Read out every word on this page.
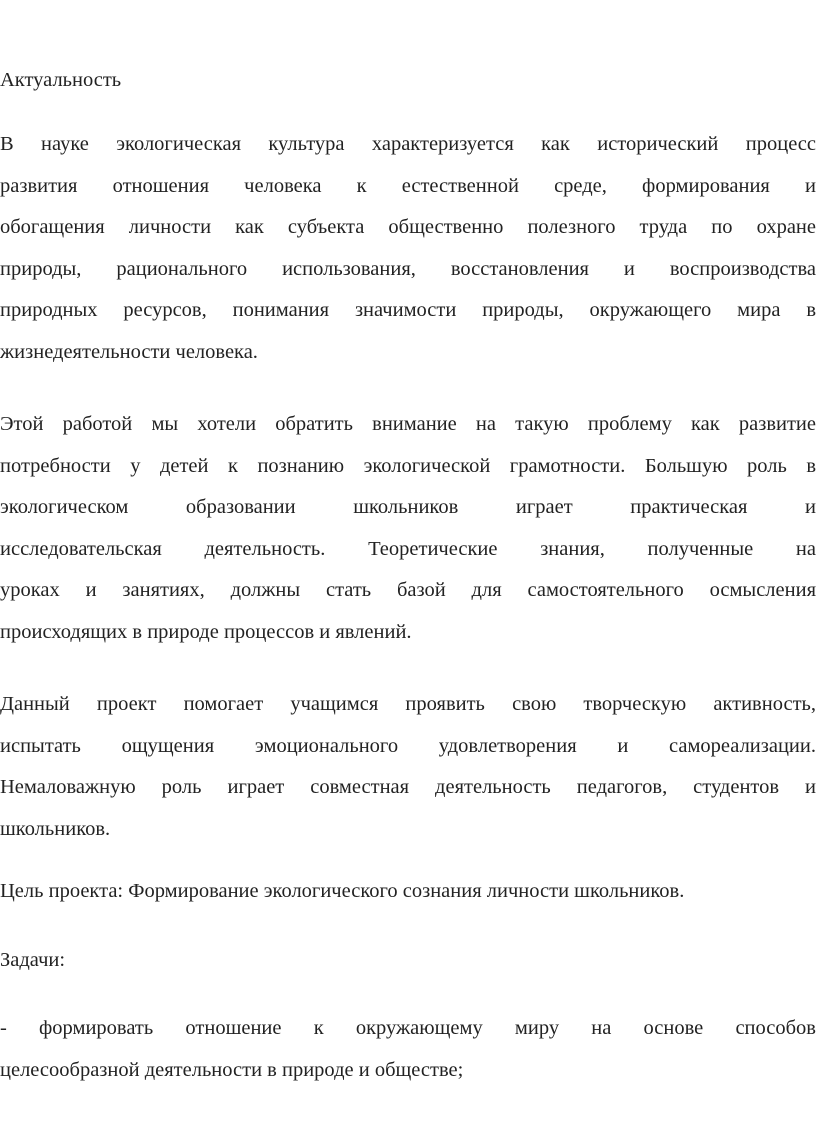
Актуальность
В науке экологическая культура характеризуется как исторический процесс
развития отношения человека к естественной среде, формирования и
обогащения личности как субъекта общественно полезного труда по охране
природы, рационального использования, восстановления и воспроизводства
природных ресурсов, понимания значимости природы, окружающего мира в
жизнедеятельности человека.
Этой работой мы хотели обратить внимание на такую проблему как развитие
потребности у детей к познанию экологической грамотности. Большую роль в
экологическом образовании школьников играет практическая и
исследовательская деятельность. Теоретические знания, полученные на
уроках и занятиях, должны стать базой для самостоятельного осмысления
происходящих в природе процессов и явлений.
Данный проект помогает учащимся проявить свою творческую активность,
испытать ощущения эмоционального удовлетворения и самореализации.
Немаловажную роль играет совместная деятельность педагогов, студентов и
школьников.
Цель проекта: Формирование экологического сознания личности школьников.
Задачи:
- формировать отношение к окружающему миру на основе способов
целесообразной деятельности в природе и обществе;
